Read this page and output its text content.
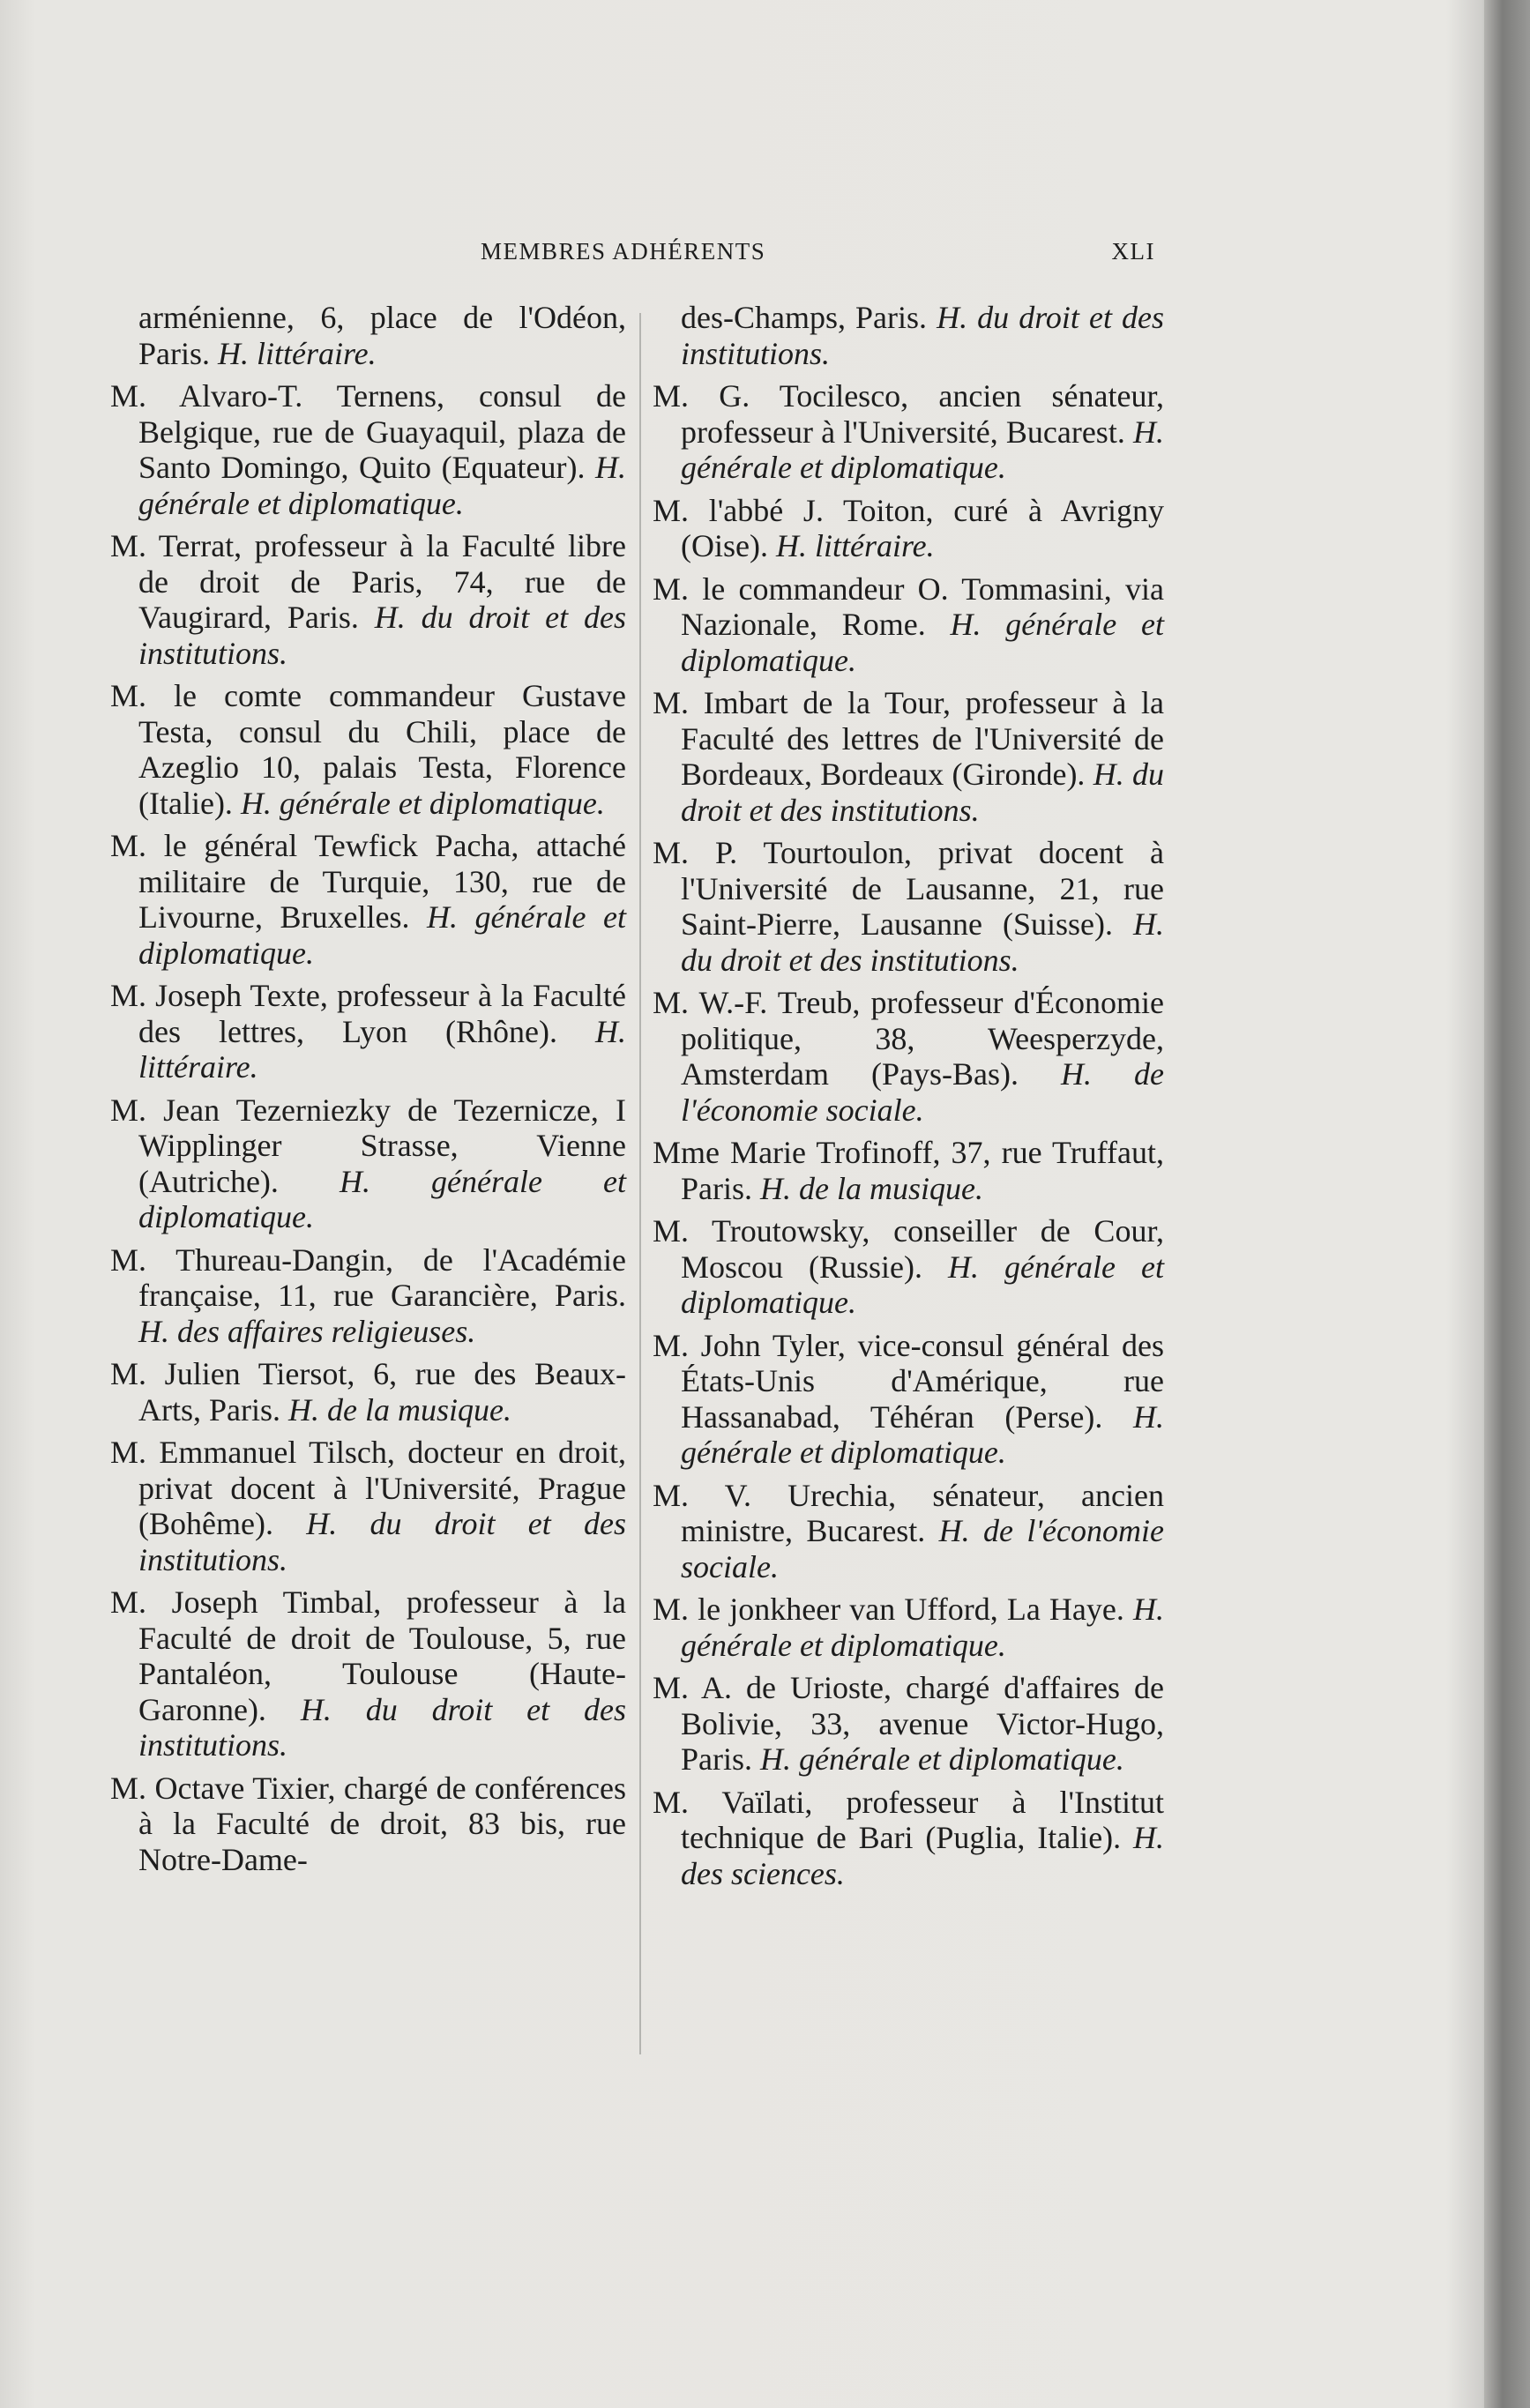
MEMBRES ADHÉRENTS	XLI

arménienne, 6, place de l'Odéon, Paris. H. littéraire.

M. Alvaro-T. Ternens, consul de Belgique, rue de Guayaquil, plaza de Santo Domingo, Quito (Equateur). H. générale et diplomatique.

M. Terrat, professeur à la Faculté libre de droit de Paris, 74, rue de Vaugirard, Paris. H. du droit et des institutions.

M. le comte commandeur Gustave Testa, consul du Chili, place de Azeglio 10, palais Testa, Florence (Italie). H. générale et diplomatique.

M. le général Tewfick Pacha, attaché militaire de Turquie, 130, rue de Livourne, Bruxelles. H. générale et diplomatique.

M. Joseph Texte, professeur à la Faculté des lettres, Lyon (Rhône). H. littéraire.

M. Jean Tezerniezky de Tezernicze, I Wipplinger Strasse, Vienne (Autriche). H. générale et diplomatique.

M. Thureau-Dangin, de l'Académie française, 11, rue Garancière, Paris. H. des affaires religieuses.

M. Julien Tiersot, 6, rue des Beaux-Arts, Paris. H. de la musique.

M. Emmanuel Tilsch, docteur en droit, privat docent à l'Université, Prague (Bohême). H. du droit et des institutions.

M. Joseph Timbal, professeur à la Faculté de droit de Toulouse, 5, rue Pantaléon, Toulouse (Haute-Garonne). H. du droit et des institutions.

M. Octave Tixier, chargé de conférences à la Faculté de droit, 83 bis, rue Notre-Dame-

des-Champs, Paris. H. du droit et des institutions.

M. G. Tocilesco, ancien sénateur, professeur à l'Université, Bucarest. H. générale et diplomatique.

M. l'abbé J. Toiton, curé à Avrigny (Oise). H. littéraire.

M. le commandeur O. Tommasini, via Nazionale, Rome. H. générale et diplomatique.

M. Imbart de la Tour, professeur à la Faculté des lettres de l'Université de Bordeaux, Bordeaux (Gironde). H. du droit et des institutions.

M. P. Tourtoulon, privat docent à l'Université de Lausanne, 21, rue Saint-Pierre, Lausanne (Suisse). H. du droit et des institutions.

M. W.-F. Treub, professeur d'Économie politique, 38, Weesperzyde, Amsterdam (Pays-Bas). H. de l'économie sociale.

Mme Marie Trofinoff, 37, rue Truffaut, Paris. H. de la musique.

M. Troutowsky, conseiller de Cour, Moscou (Russie). H. générale et diplomatique.

M. John Tyler, vice-consul général des États-Unis d'Amérique, rue Hassanabad, Téhéran (Perse). H. générale et diplomatique.

M. V. Urechia, sénateur, ancien ministre, Bucarest. H. de l'économie sociale.

M. le jonkheer van Ufford, La Haye. H. générale et diplomatique.

M. A. de Urioste, chargé d'affaires de Bolivie, 33, avenue Victor-Hugo, Paris. H. générale et diplomatique.

M. Vaïlati, professeur à l'Institut technique de Bari (Puglia, Italie). H. des sciences.
